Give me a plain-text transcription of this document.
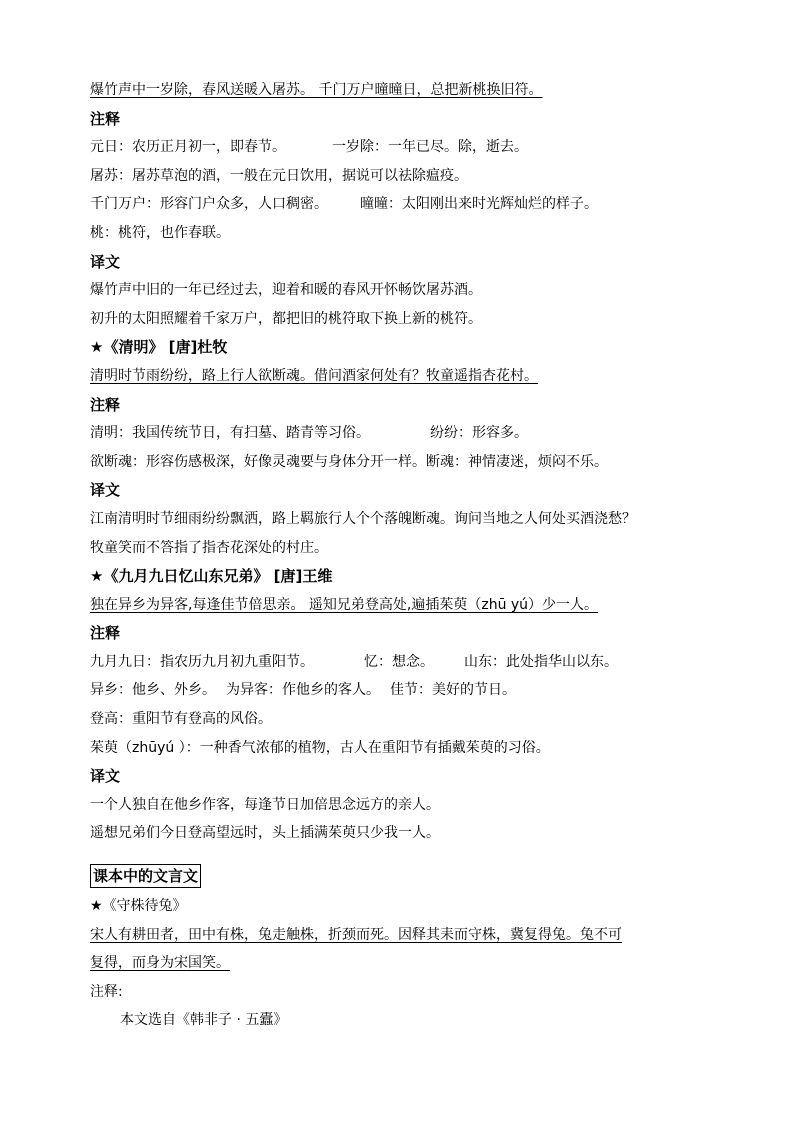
爆竹声中一岁除，春风送暖入屠苏。 千门万户曈曈日，总把新桃换旧符。
注释
元日：农历正月初一，即春节。	一岁除：一年已尽。除，逝去。
屠苏：屠苏草泡的酒，一般在元日饮用，据说可以祛除瘟疫。
千门万户：形容门户众多，人口稠密。 曈曈：太阳刚出来时光辉灿烂的样子。
桃：桃符，也作春联。
译文
爆竹声中旧的一年已经过去，迎着和暖的春风开怀畅饮屠苏酒。
初升的太阳照耀着千家万户，都把旧的桃符取下换上新的桃符。
★《清明》 [唐]杜牧
清明时节雨纷纷，路上行人欲断魂。借问酒家何处有？牧童遥指杏花村。
注释
清明：我国传统节日，有扫墓、踏青等习俗。	纷纷：形容多。
欲断魂：形容伤感极深，好像灵魂要与身体分开一样。断魂：神情凄迷，烦闷不乐。
译文
江南清明时节细雨纷纷飘洒，路上羁旅行人个个落魄断魂。询问当地之人何处买酒浇愁？
牧童笑而不答指了指杏花深处的村庄。
★《九月九日忆山东兄弟》 [唐]王维
独在异乡为异客,每逢佳节倍思亲。 遥知兄弟登高处,遍插茱萸（zhū yú）少一人。
注释
九月九日：指农历九月初九重阳节。	忆：想念。 山东：此处指华山以东。
异乡：他乡、外乡。 为异客：作他乡的客人。 佳节：美好的节日。
登高：重阳节有登高的风俗。
茱萸（zhūyú ）：一种香气浓郁的植物，古人在重阳节有插戴茱萸的习俗。
译文
一个人独自在他乡作客，每逢节日加倍思念远方的亲人。
遥想兄弟们今日登高望远时，头上插满茱萸只少我一人。
课本中的文言文
★《守株待兔》
宋人有耕田者，田中有株，兔走触株，折颈而死。因释其耒而守株，冀复得兔。兔不可
复得，而身为宋国笑。
注释:
本文选自《韩非子 · 五蠹》
